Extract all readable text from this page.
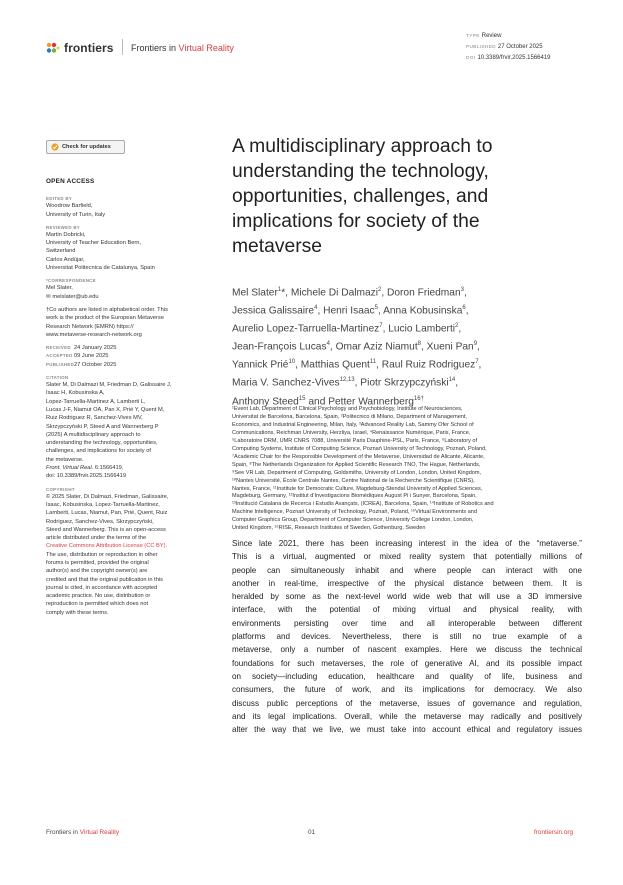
frontiers Frontiers in Virtual Reality
TYPE Review
PUBLISHED 27 October 2025
DOI 10.3389/frvir.2025.1566419
Check for updates
OPEN ACCESS
EDITED BY
Woodrow Barfield,
University of Turin, Italy
REVIEWED BY
Martin Dobricki,
University of Teacher Education Bern,
Switzerland
Carlos Andújar,
Universitat Politecnica de Catalunya, Spain
*CORRESPONDENCE
Mel Slater,
✉ melslater@ub.edu
†Co authors are listed in alphabetical order. This
work is the product of the European Metaverse
Research Network (EMRN) https://
www.metaverse-research-network.org
RECEIVED 24 January 2025
ACCEPTED09 June 2025
PUBLISHED27 October 2025
CITATION
Slater M, Di Dalmazi M, Friedman D, Galissaire J,
Isaac H, Kobusinska A,
Lopez-Tarruella-Martinez A, Lamberti L,
Lucas J-F, Niamut OA, Pan X, Prié Y, Quent M,
Ruiz Rodriguez R, Sanchez-Vives MV,
Skrzypczyński P, Steed A and Wannerberg P
(2025) A multidisciplinary approach to
understanding the technology, opportunities,
challenges, and implications for society of
the metaverse.
Front. Virtual Real. 6:1566419.
doi: 10.3389/frvir.2025.1566419
COPYRIGHT
© 2025 Slater, Di Dalmazi, Friedman, Galissaire,
Isaac, Kobusinska, Lopez-Tarruella-Martinez,
Lamberti, Lucas, Niamut, Pan, Prié, Quent, Ruiz
Rodriguez, Sanchez-Vives, Skrzypczyński,
Steed and Wannerberg. This is an open-access
article distributed under the terms of the
Creative Commons Attribution License (CC BY).
The use, distribution or reproduction in other
forums is permitted, provided the original
author(s) and the copyright owner(s) are
credited and that the original publication in this
journal is cited, in accordance with accepted
academic practice. No use, distribution or
reproduction is permitted which does not
comply with these terms.
A multidisciplinary approach to
understanding the technology,
opportunities, challenges, and
implications for society of the
metaverse
Mel Slater$^1$*, Michele Di Dalmazi$^2$, Doron Friedman$^3$,
Jessica Galissaire$^4$, Henri Isaac$^5$, Anna Kobusinska$^6$,
Aurelio Lopez-Tarruella-Martinez$^7$, Lucio Lamberti$^2$,
Jean-François Lucas$^4$, Omar Aziz Niamut$^8$, Xueni Pan$^9$,
Yannick Prié$^{10}$, Matthias Quent$^{11}$, Raul Ruiz Rodriguez$^7$,
Maria V. Sanchez-Vives$^{12,13}$, Piotr Skrzypczyński$^{14}$,
Anthony Steed$^{15}$ and Petter Wannerberg$^{16\dagger}$
¹Event Lab, Department of Clinical Psychology and Psychobiology, Institute of Neurosciences,
Universitat de Barcelona, Barcelona, Spain, ²Politecnico di Milano, Department of Management,
Economics, and Industrial Engineering, Milan, Italy, ³Advanced Reality Lab, Sammy Ofer School of
Communications, Reichman University, Herzliya, Israel, ⁴Renaissance Numérique, Paris, France,
⁵Laboratoire DRM, UMR CNRS 7088, Université Paris Dauphine-PSL, Paris, France, ⁶Laboratory of
Computing Systems, Institute of Computing Science, Poznań University of Technology, Poznań, Poland,
⁷Academic Chair for the Responsible Development of the Metaverse, Universidad de Alicante, Alicante,
Spain, ⁸The Netherlands Organization for Applied Scientific Research TNO, The Hague, Netherlands,
⁹See VR Lab, Department of Computing, Goldsmiths, University of London, London, United Kingdom,
¹⁰Nantes Université, École Centrale Nantes, Centre National de la Recherche Scientifique (CNRS),
Nantes, France, ¹¹Institute for Democratic Culture, Magdeburg-Stendal University of Applied Sciences,
Magdeburg, Germany, ¹²Institut d’Investigacions Biomèdiques August Pi i Sunyer, Barcelona, Spain,
¹³Institució Catalana de Recerca i Estudis Avançats, (ICREA), Barcelona, Spain, ¹⁴Institute of Robotics and
Machine Intelligence, Poznań University of Technology, Poznań, Poland, ¹⁵Virtual Environments and
Computer Graphics Group, Department of Computer Science, University College London, London,
United Kingdom, ¹⁶RISE, Research Institutes of Sweden, Gothenburg, Sweden
Since late 2021, there has been increasing interest in the idea of the “metaverse.”
This is a virtual, augmented or mixed reality system that potentially millions of
people can simultaneously inhabit and where people can interact with one
another in real-time, irrespective of the physical distance between them. It is
heralded by some as the next-level world wide web that will use a 3D immersive
interface, with the potential of mixing virtual and physical reality, with
environments persisting over time and all interoperable between different
platforms and devices. Nevertheless, there is still no true example of a
metaverse, only a number of nascent examples. Here we discuss the technical
foundations for such metaverses, the role of generative AI, and its possible impact
on society—including education, healthcare and quality of life, business and
consumers, the future of work, and its implications for democracy. We also
discuss public perceptions of the metaverse, issues of governance and regulation,
and its legal implications. Overall, while the metaverse may radically and positively
alter the way that we live, we must take into account ethical and regulatory issues
Frontiers in Virtual Reality	01	frontiersin.org
